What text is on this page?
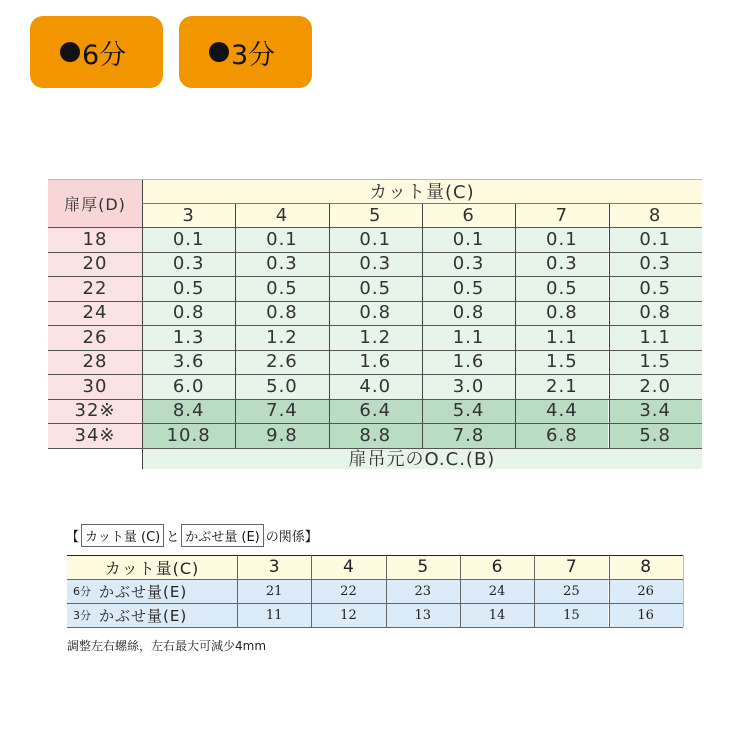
6分	3分
扉厚(D)
カット量(C)
3	4	5	6	7	8
18	0.1	0.1	0.1	0.1	0.1	0.1
20	0.3	0.3	0.3	0.3	0.3	0.3
22	0.5	0.5	0.5	0.5	0.5	0.5
24	0.8	0.8	0.8	0.8	0.8	0.8
26	1.3	1.2	1.2	1.1	1.1	1.1
28	3.6	2.6	1.6	1.6	1.5	1.5
30	6.0	5.0	4.0	3.0	2.1	2.0
32※	8.4	7.4	6.4	5.4	4.4	3.4
34※	10.8	9.8	8.8	7.8	6.8	5.8
扉吊元のO.C.(B)
【 カット量 (C) と かぶせ量 (E) の関係】
カット量(C)	3	4	5	6	7	8
6分 かぶせ量(E)	21	22	23	24	25	26
3分 かぶせ量(E)	11	12	13	14	15	16
調整左右螺絲，左右最大可減少4mm
